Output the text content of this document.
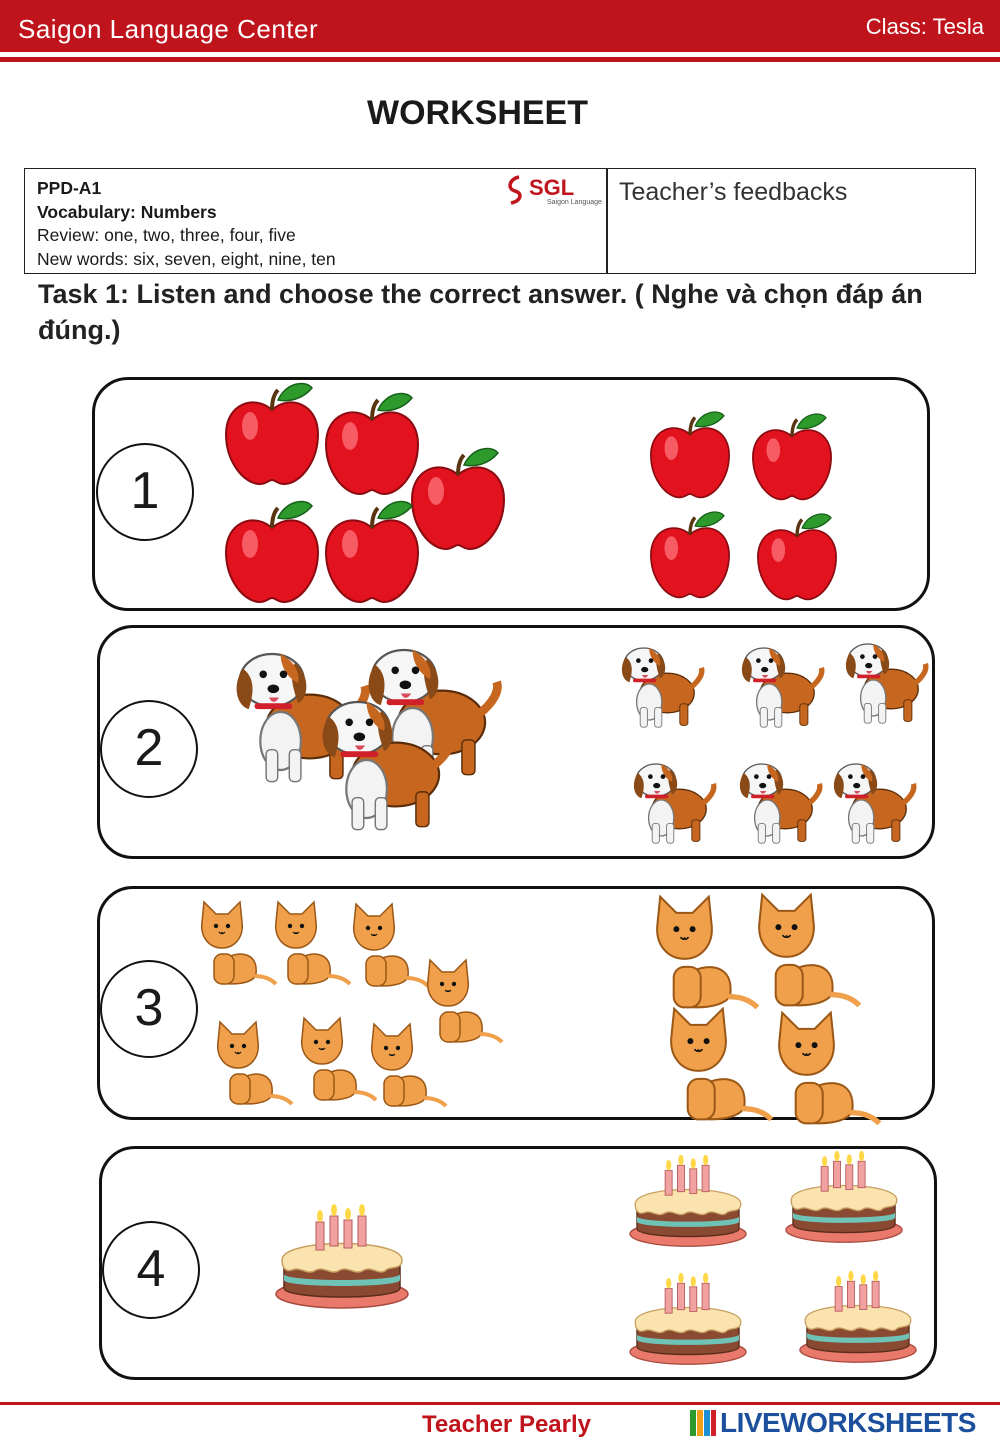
Saigon Language Center	Class: Tesla
WORKSHEET
PPD-A1
Vocabulary: Numbers
Review: one, two, three, four, five
New words: six, seven, eight, nine, ten
SGL
Saigon Language Teacher’s feedbacks
Task 1: Listen and choose the correct answer. ( Nghe và chọn đáp án đúng.)
1
2
3
4
Teacher Pearly	LIVEWORKSHEETS
